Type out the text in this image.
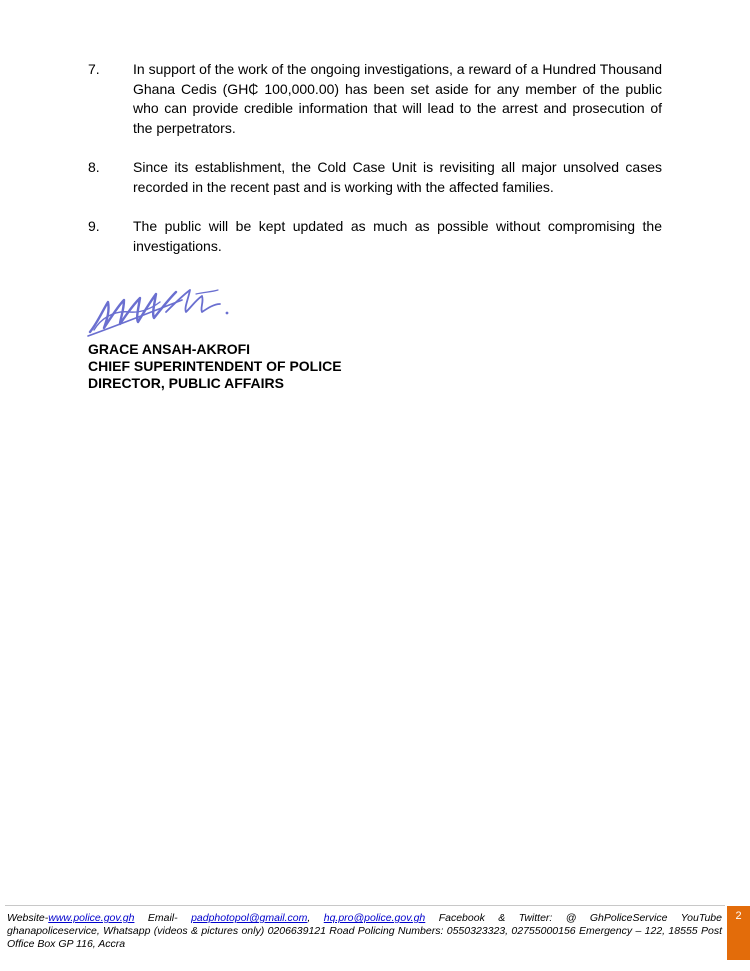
7.	In support of the work of the ongoing investigations, a reward of a Hundred Thousand Ghana Cedis (GH₵ 100,000.00) has been set aside for any member of the public who can provide credible information that will lead to the arrest and prosecution of the perpetrators.
8.	Since its establishment, the Cold Case Unit is revisiting all major unsolved cases recorded in the recent past and is working with the affected families.
9.	The public will be kept updated as much as possible without compromising the investigations.
GRACE ANSAH-AKROFI
CHIEF SUPERINTENDENT OF POLICE
DIRECTOR, PUBLIC AFFAIRS
Website-www.police.gov.gh Email- padphotopol@gmail.com, hq.pro@police.gov.gh Facebook & Twitter: @ GhPoliceService YouTube ghanapoliceservice, Whatsapp (videos & pictures only) 0206639121 Road Policing Numbers: 0550323323, 02755000156 Emergency – 122, 18555 Post Office Box GP 116, Accra
2
